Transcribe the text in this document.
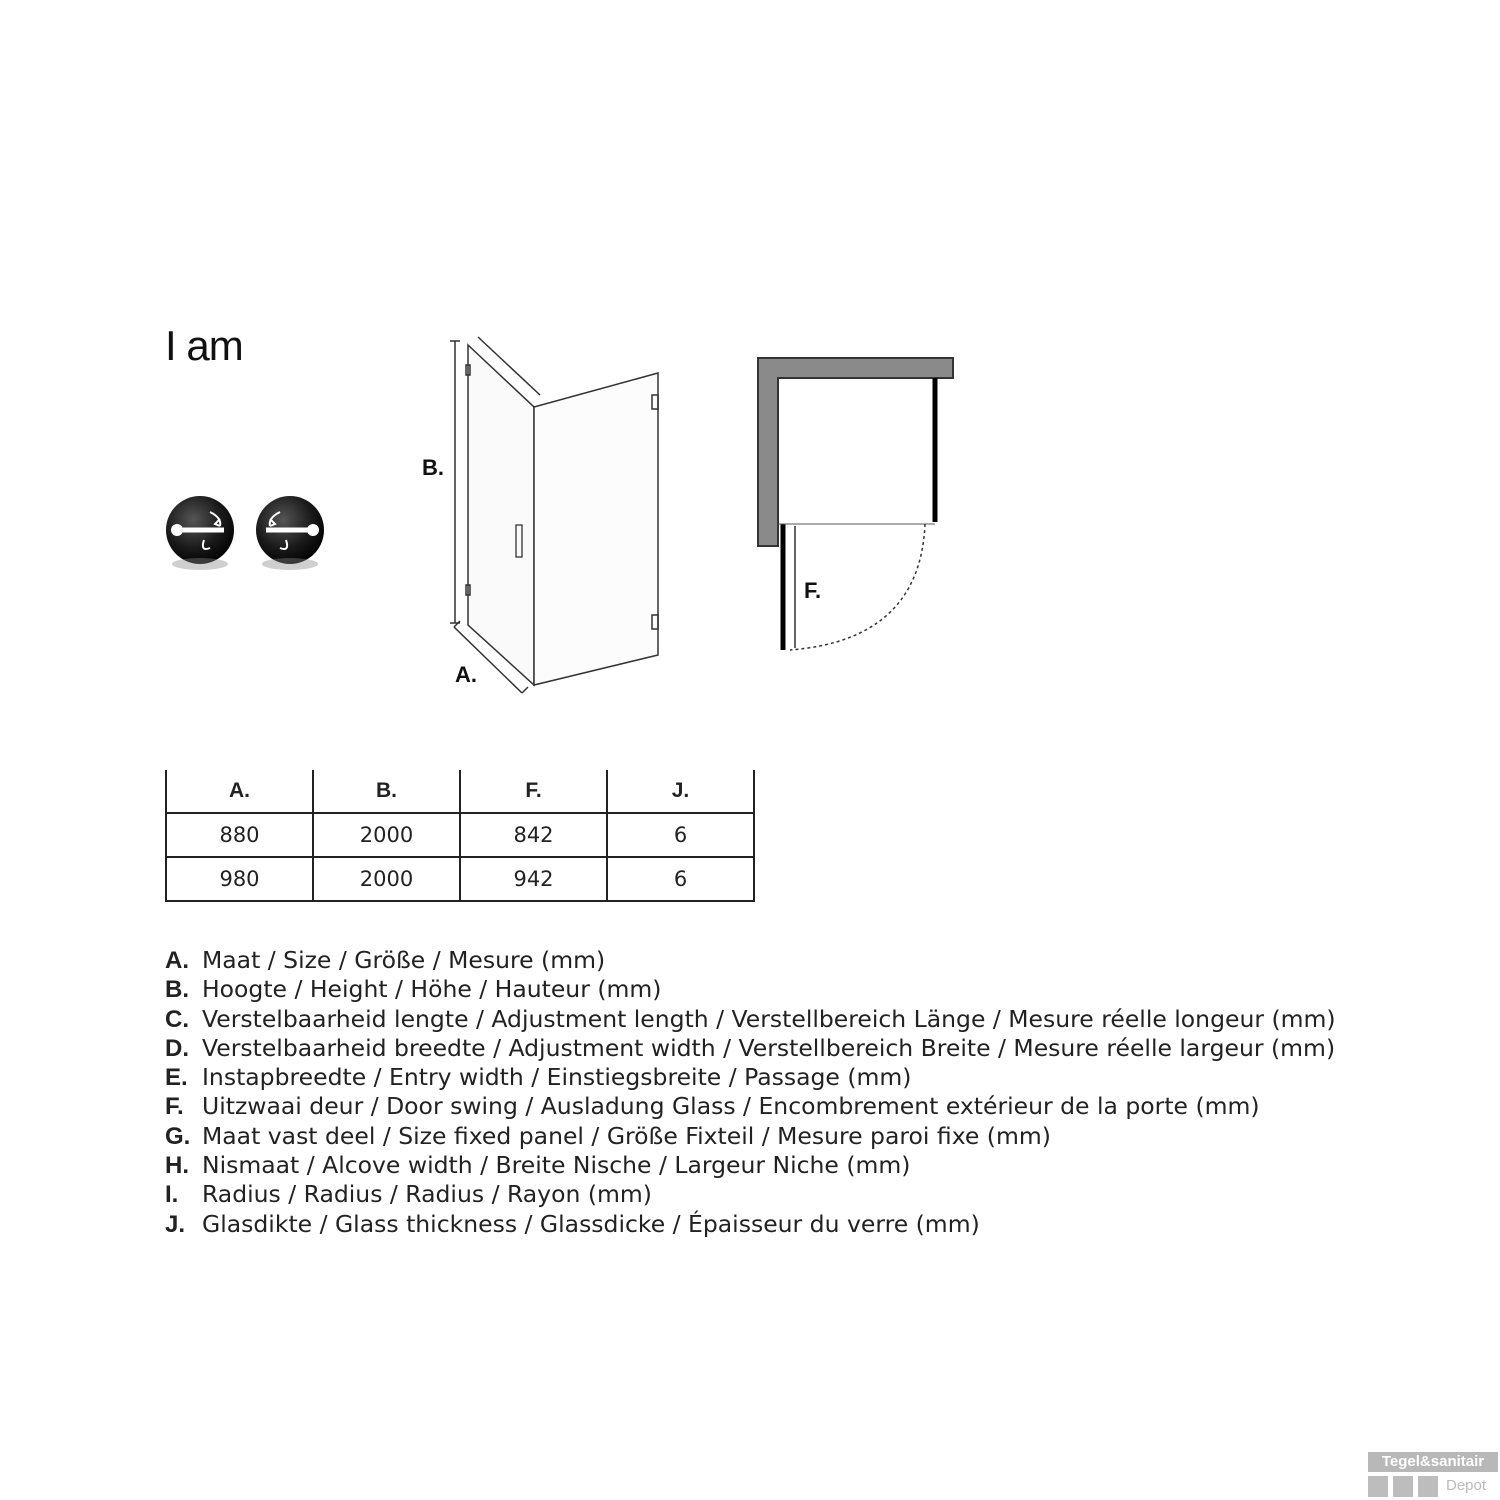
I am
B.
A.
F.
A.	B.	F.	J.
880	2000	842	6
980	2000	942	6
A. Maat / Size / Größe / Mesure (mm)
B. Hoogte / Height / Höhe / Hauteur (mm)
C. Verstelbaarheid lengte / Adjustment length / Verstellbereich Länge / Mesure réelle longeur (mm)
D. Verstelbaarheid breedte / Adjustment width / Verstellbereich Breite / Mesure réelle largeur (mm)
E. Instapbreedte / Entry width / Einstiegsbreite / Passage (mm)
F. Uitzwaai deur / Door swing / Ausladung Glass / Encombrement extérieur de la porte (mm)
G. Maat vast deel / Size fixed panel / Größe Fixteil / Mesure paroi fixe (mm)
H. Nismaat / Alcove width / Breite Nische / Largeur Niche (mm)
I. Radius / Radius / Radius / Rayon (mm)
J. Glasdikte / Glass thickness / Glassdicke / Épaisseur du verre (mm)
Tegel&sanitair
Depot
